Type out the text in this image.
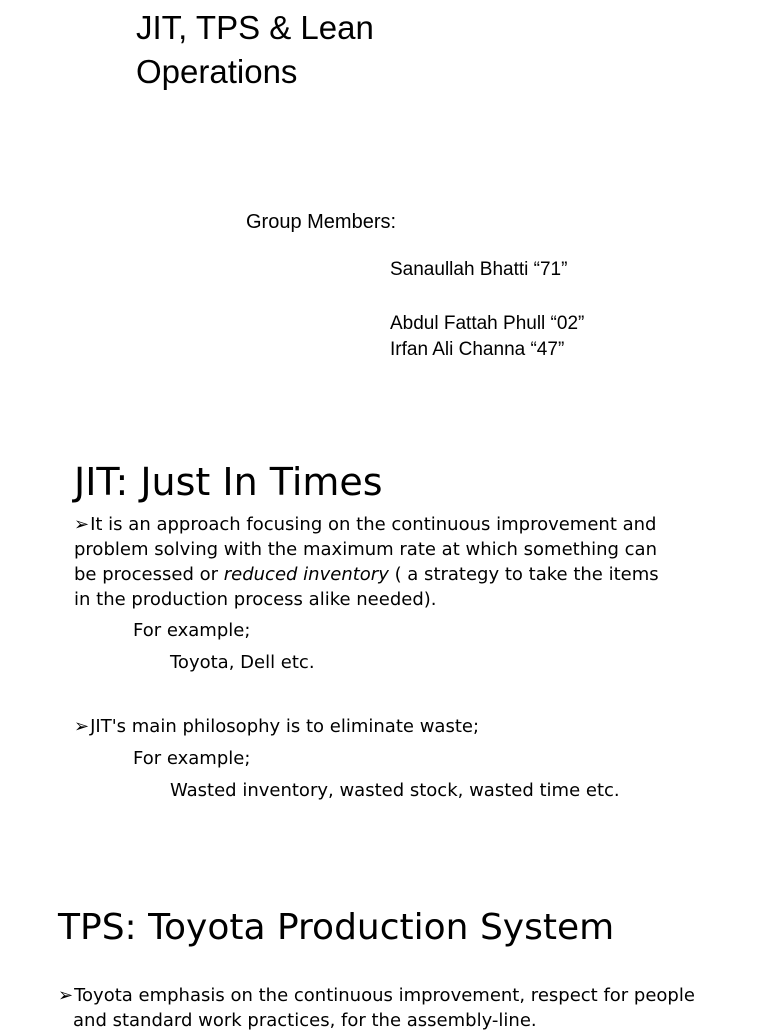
JIT, TPS & Lean
Operations
Group Members:
Sanaullah Bhatti “71”
Abdul Fattah Phull “02”
Irfan Ali Channa “47”
JIT: Just In Times
➢It is an approach focusing on the continuous improvement and
problem solving with the maximum rate at which something can
be processed or reduced inventory ( a strategy to take the items
in the production process alike needed).
For example;
Toyota, Dell etc.
➢JIT's main philosophy is to eliminate waste;
For example;
Wasted inventory, wasted stock, wasted time etc.
TPS: Toyota Production System
➢Toyota emphasis on the continuous improvement, respect for people
and standard work practices, for the assembly-line.
